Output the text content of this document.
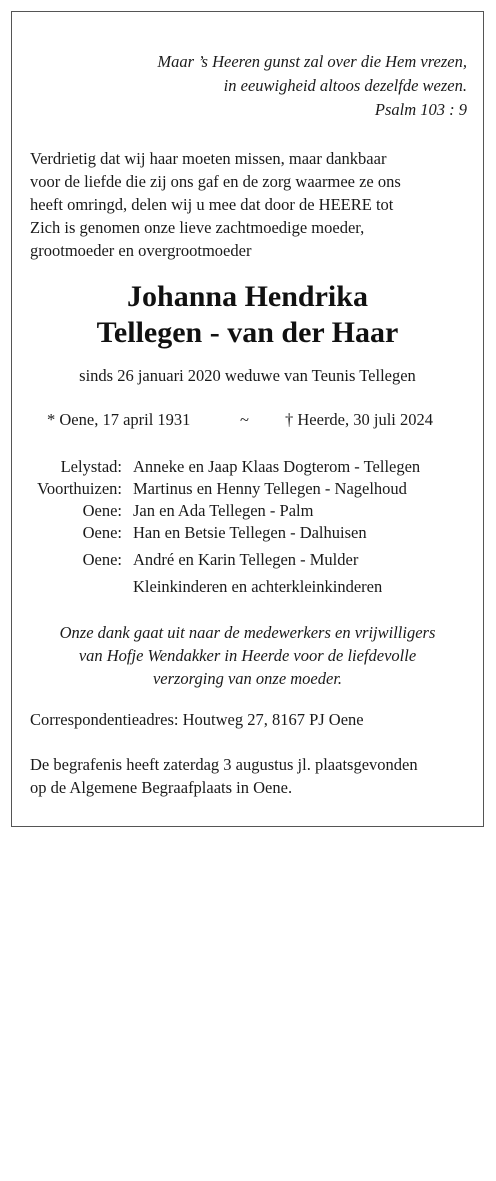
Maar ’s Heeren gunst zal over die Hem vrezen,
in eeuwigheid altoos dezelfde wezen.
Psalm 103 : 9
Verdrietig dat wij haar moeten missen, maar dankbaar
voor de liefde die zij ons gaf en de zorg waarmee ze ons
heeft omringd, delen wij u mee dat door de HEERE tot
Zich is genomen onze lieve zachtmoedige moeder,
grootmoeder en overgrootmoeder
Johanna Hendrika
Tellegen - van der Haar
sinds 26 januari 2020 weduwe van Teunis Tellegen
* Oene, 17 april 1931	~ † Heerde, 30 juli 2024
Lelystad: Anneke en Jaap Klaas Dogterom - Tellegen
Voorthuizen: Martinus en Henny Tellegen - Nagelhoud
Oene: Jan en Ada Tellegen - Palm
Oene: Han en Betsie Tellegen - Dalhuisen
Oene: André en Karin Tellegen - Mulder
Kleinkinderen en achterkleinkinderen
Onze dank gaat uit naar de medewerkers en vrijwilligers
van Hofje Wendakker in Heerde voor de liefdevolle
verzorging van onze moeder.
Correspondentieadres: Houtweg 27, 8167 PJ Oene
De begrafenis heeft zaterdag 3 augustus jl. plaatsgevonden
op de Algemene Begraafplaats in Oene.
